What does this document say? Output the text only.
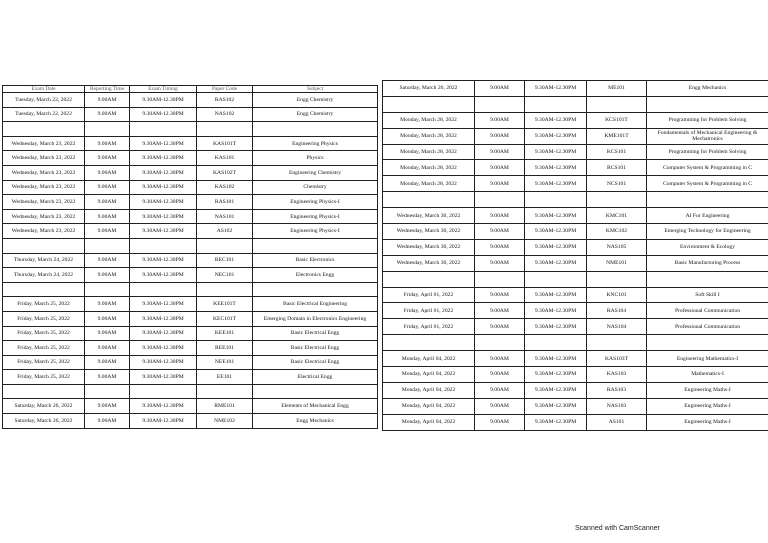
Exam Date	Reporting Time	Exam Timing	Paper Code	Subject
Tuesday, March 22, 2022	9.00AM	9.30AM-12.30PM	RAS102	Engg Chemistry
Tuesday, March 22, 2022	9.00AM	9.30AM-12.30PM	NAS102	Engg Chemistry

Wednesday, March 23, 2022	9.00AM	9.30AM-12.30PM	KAS101T	Engineering Physics
Wednesday, March 23, 2022	9.00AM	9.30AM-12.30PM	KAS101	Physics
Wednesday, March 23, 2022	9.00AM	9.30AM-12.30PM	KAS102T	Engineering Chemistry
Wednesday, March 23, 2022	9.00AM	9.30AM-12.30PM	KAS102	Chemistry
Wednesday, March 23, 2022	9.00AM	9.30AM-12.30PM	RAS101	Engineering Physics-I
Wednesday, March 23, 2022	9.00AM	9.30AM-12.30PM	NAS101	Engineering Physics-I
Wednesday, March 23, 2022	9.00AM	9.30AM-12.30PM	AS102	Engineering Physics-I

Thursday, March 24, 2022	9.00AM	9.30AM-12.30PM	REC101	Basic Electronics
Thursday, March 24, 2022	9.00AM	9.30AM-12.30PM	NEC101	Electronics Engg

Friday, March 25, 2022	9.00AM	9.30AM-12.30PM	KEE101T	Basic Electrical Engineering
Friday, March 25, 2022	9.00AM	9.30AM-12.30PM	KEC101T	Emerging Domain in Electronics Engineering
Friday, March 25, 2022	9.00AM	9.30AM-12.30PM	KEE101	Basic Electrical Engg
Friday, March 25, 2022	9.00AM	9.30AM-12.30PM	REE101	Basic Electrical Engg
Friday, March 25, 2022	9.00AM	9.30AM-12.30PM	NEE101	Basic Electrical Engg
Friday, March 25, 2022	9.00AM	9.30AM-12.30PM	EE101	Electrical Engg

Saturday, March 26, 2022	9.00AM	9.30AM-12.30PM	RME101	Elements of Mechanical Engg
Saturday, March 26, 2022	9.00AM	9.30AM-12.30PM	NME102	Engg Mechanics
Saturday, March 26, 2022	9.00AM	9.30AM-12.30PM	ME101	Engg Mechanics

Monday, March 28, 2022	9.00AM	9.30AM-12.30PM	KCS101T	Programming for Problem Solving
Monday, March 28, 2022	9.00AM	9.30AM-12.30PM	KME101T	Fundamentals of Mechanical Engineering & Mechatronics
Monday, March 28, 2022	9.00AM	9.30AM-12.30PM	KCS101	Programming for Problem Solving
Monday, March 28, 2022	9.00AM	9.30AM-12.30PM	RCS101	Computer System & Programming in C
Monday, March 28, 2022	9.00AM	9.30AM-12.30PM	NCS101	Computer System & Programming in C

Wednesday, March 30, 2022	9.00AM	9.30AM-12.30PM	KMC101	AI For Engineering
Wednesday, March 30, 2022	9.00AM	9.30AM-12.30PM	KMC102	Emerging Technology for Engineering
Wednesday, March 30, 2022	9.00AM	9.30AM-12.30PM	NAS105	Environment & Ecology
Wednesday, March 30, 2022	9.00AM	9.30AM-12.30PM	NME101	Basic Manufacturing Process

Friday, April 01, 2022	9.00AM	9.30AM-12.30PM	KNC101	Soft Skill I
Friday, April 01, 2022	9.00AM	9.30AM-12.30PM	RAS104	Professional Communication
Friday, April 01, 2022	9.00AM	9.30AM-12.30PM	NAS104	Professional Communication

Monday, April 04, 2022	9.00AM	9.30AM-12.30PM	KAS103T	Engineering Mathematics-I
Monday, April 04, 2022	9.00AM	9.30AM-12.30PM	KAS103	Mathematics-I
Monday, April 04, 2022	9.00AM	9.30AM-12.30PM	RAS103	Engineering Maths-I
Monday, April 04, 2022	9.00AM	9.30AM-12.30PM	NAS103	Engineering Maths-I
Monday, April 04, 2022	9.00AM	9.30AM-12.30PM	AS101	Engineering Maths-I
Scanned with CamScanner
